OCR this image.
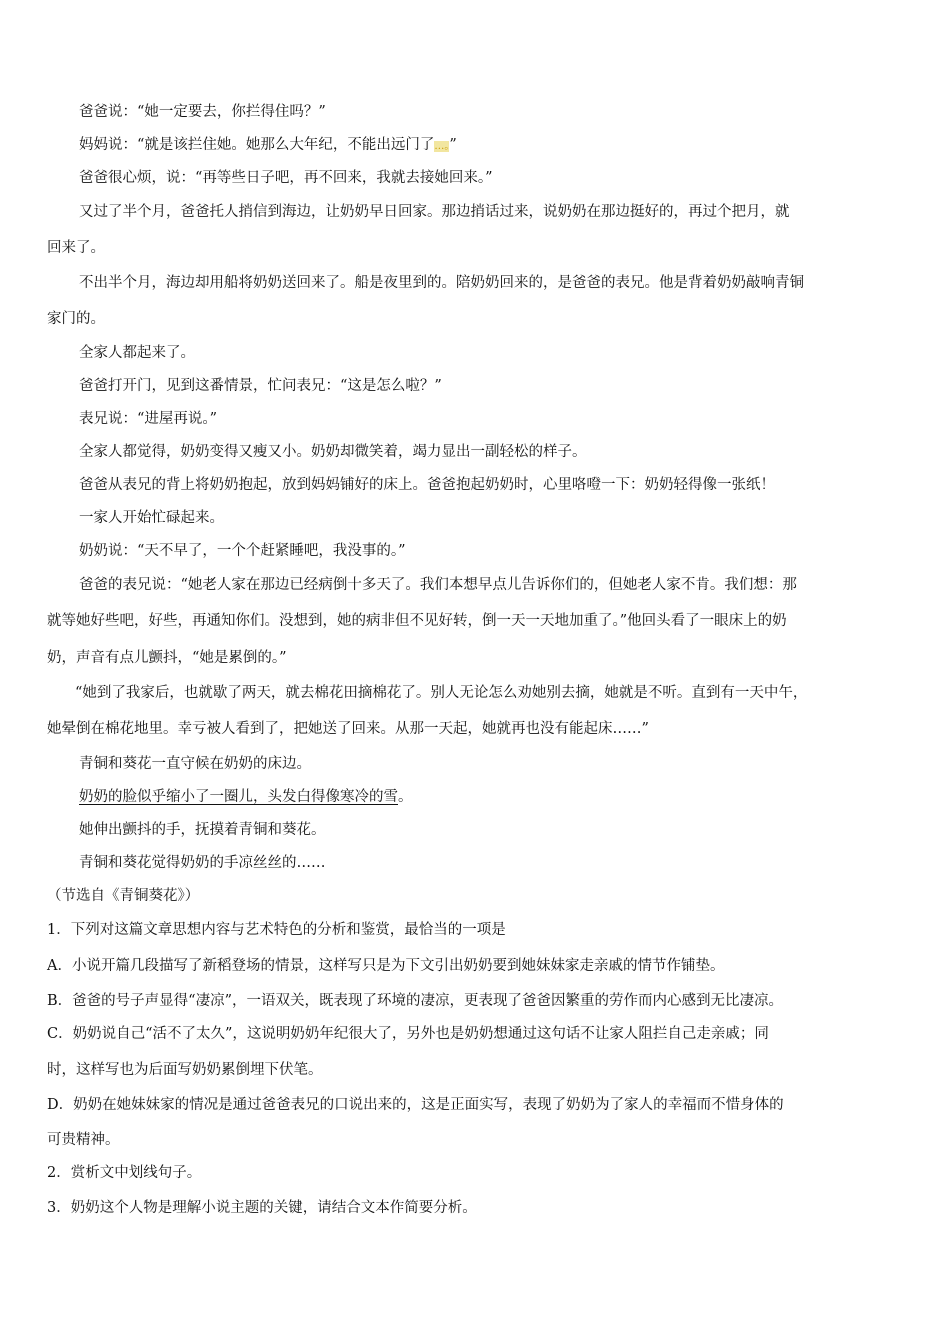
爸爸说：“她一定要去，你拦得住吗？”
妈妈说：“就是该拦住她。她那么大年纪，不能出远门了…。”
爸爸很心烦，说：“再等些日子吧，再不回来，我就去接她回来。”
又过了半个月，爸爸托人捎信到海边，让奶奶早日回家。那边捎话过来，说奶奶在那边挺好的，再过个把月，就
回来了。
不出半个月，海边却用船将奶奶送回来了。船是夜里到的。陪奶奶回来的，是爸爸的表兄。他是背着奶奶敲响青铜
家门的。
全家人都起来了。
爸爸打开门，见到这番情景，忙问表兄：“这是怎么啦？”
表兄说：“进屋再说。”
全家人都觉得，奶奶变得又瘦又小。奶奶却微笑着，竭力显出一副轻松的样子。
爸爸从表兄的背上将奶奶抱起，放到妈妈铺好的床上。爸爸抱起奶奶时，心里咯噔一下：奶奶轻得像一张纸！
一家人开始忙碌起来。
奶奶说：“天不早了，一个个赶紧睡吧，我没事的。”
爸爸的表兄说：“她老人家在那边已经病倒十多天了。我们本想早点儿告诉你们的，但她老人家不肯。我们想：那
就等她好些吧，好些，再通知你们。没想到，她的病非但不见好转，倒一天一天地加重了。”他回头看了一眼床上的奶
奶，声音有点儿颤抖，“她是累倒的。”
“她到了我家后，也就歇了两天，就去棉花田摘棉花了。别人无论怎么劝她别去摘，她就是不听。直到有一天中午，
她晕倒在棉花地里。幸亏被人看到了，把她送了回来。从那一天起，她就再也没有能起床……”
青铜和葵花一直守候在奶奶的床边。
奶奶的脸似乎缩小了一圈儿，头发白得像寒冷的雪。
她伸出颤抖的手，抚摸着青铜和葵花。
青铜和葵花觉得奶奶的手凉丝丝的……
（节选自《青铜葵花》）
1．下列对这篇文章思想内容与艺术特色的分析和鉴赏，最恰当的一项是
A．小说开篇几段描写了新稻登场的情景，这样写只是为下文引出奶奶要到她妹妹家走亲戚的情节作铺垫。
B．爸爸的号子声显得“凄凉”，一语双关，既表现了环境的凄凉，更表现了爸爸因繁重的劳作而内心感到无比凄凉。
C．奶奶说自己“活不了太久”，这说明奶奶年纪很大了，另外也是奶奶想通过这句话不让家人阻拦自己走亲戚；同
时，这样写也为后面写奶奶累倒埋下伏笔。
D．奶奶在她妹妹家的情况是通过爸爸表兄的口说出来的，这是正面实写，表现了奶奶为了家人的幸福而不惜身体的
可贵精神。
2．赏析文中划线句子。
3．奶奶这个人物是理解小说主题的关键，请结合文本作简要分析。
